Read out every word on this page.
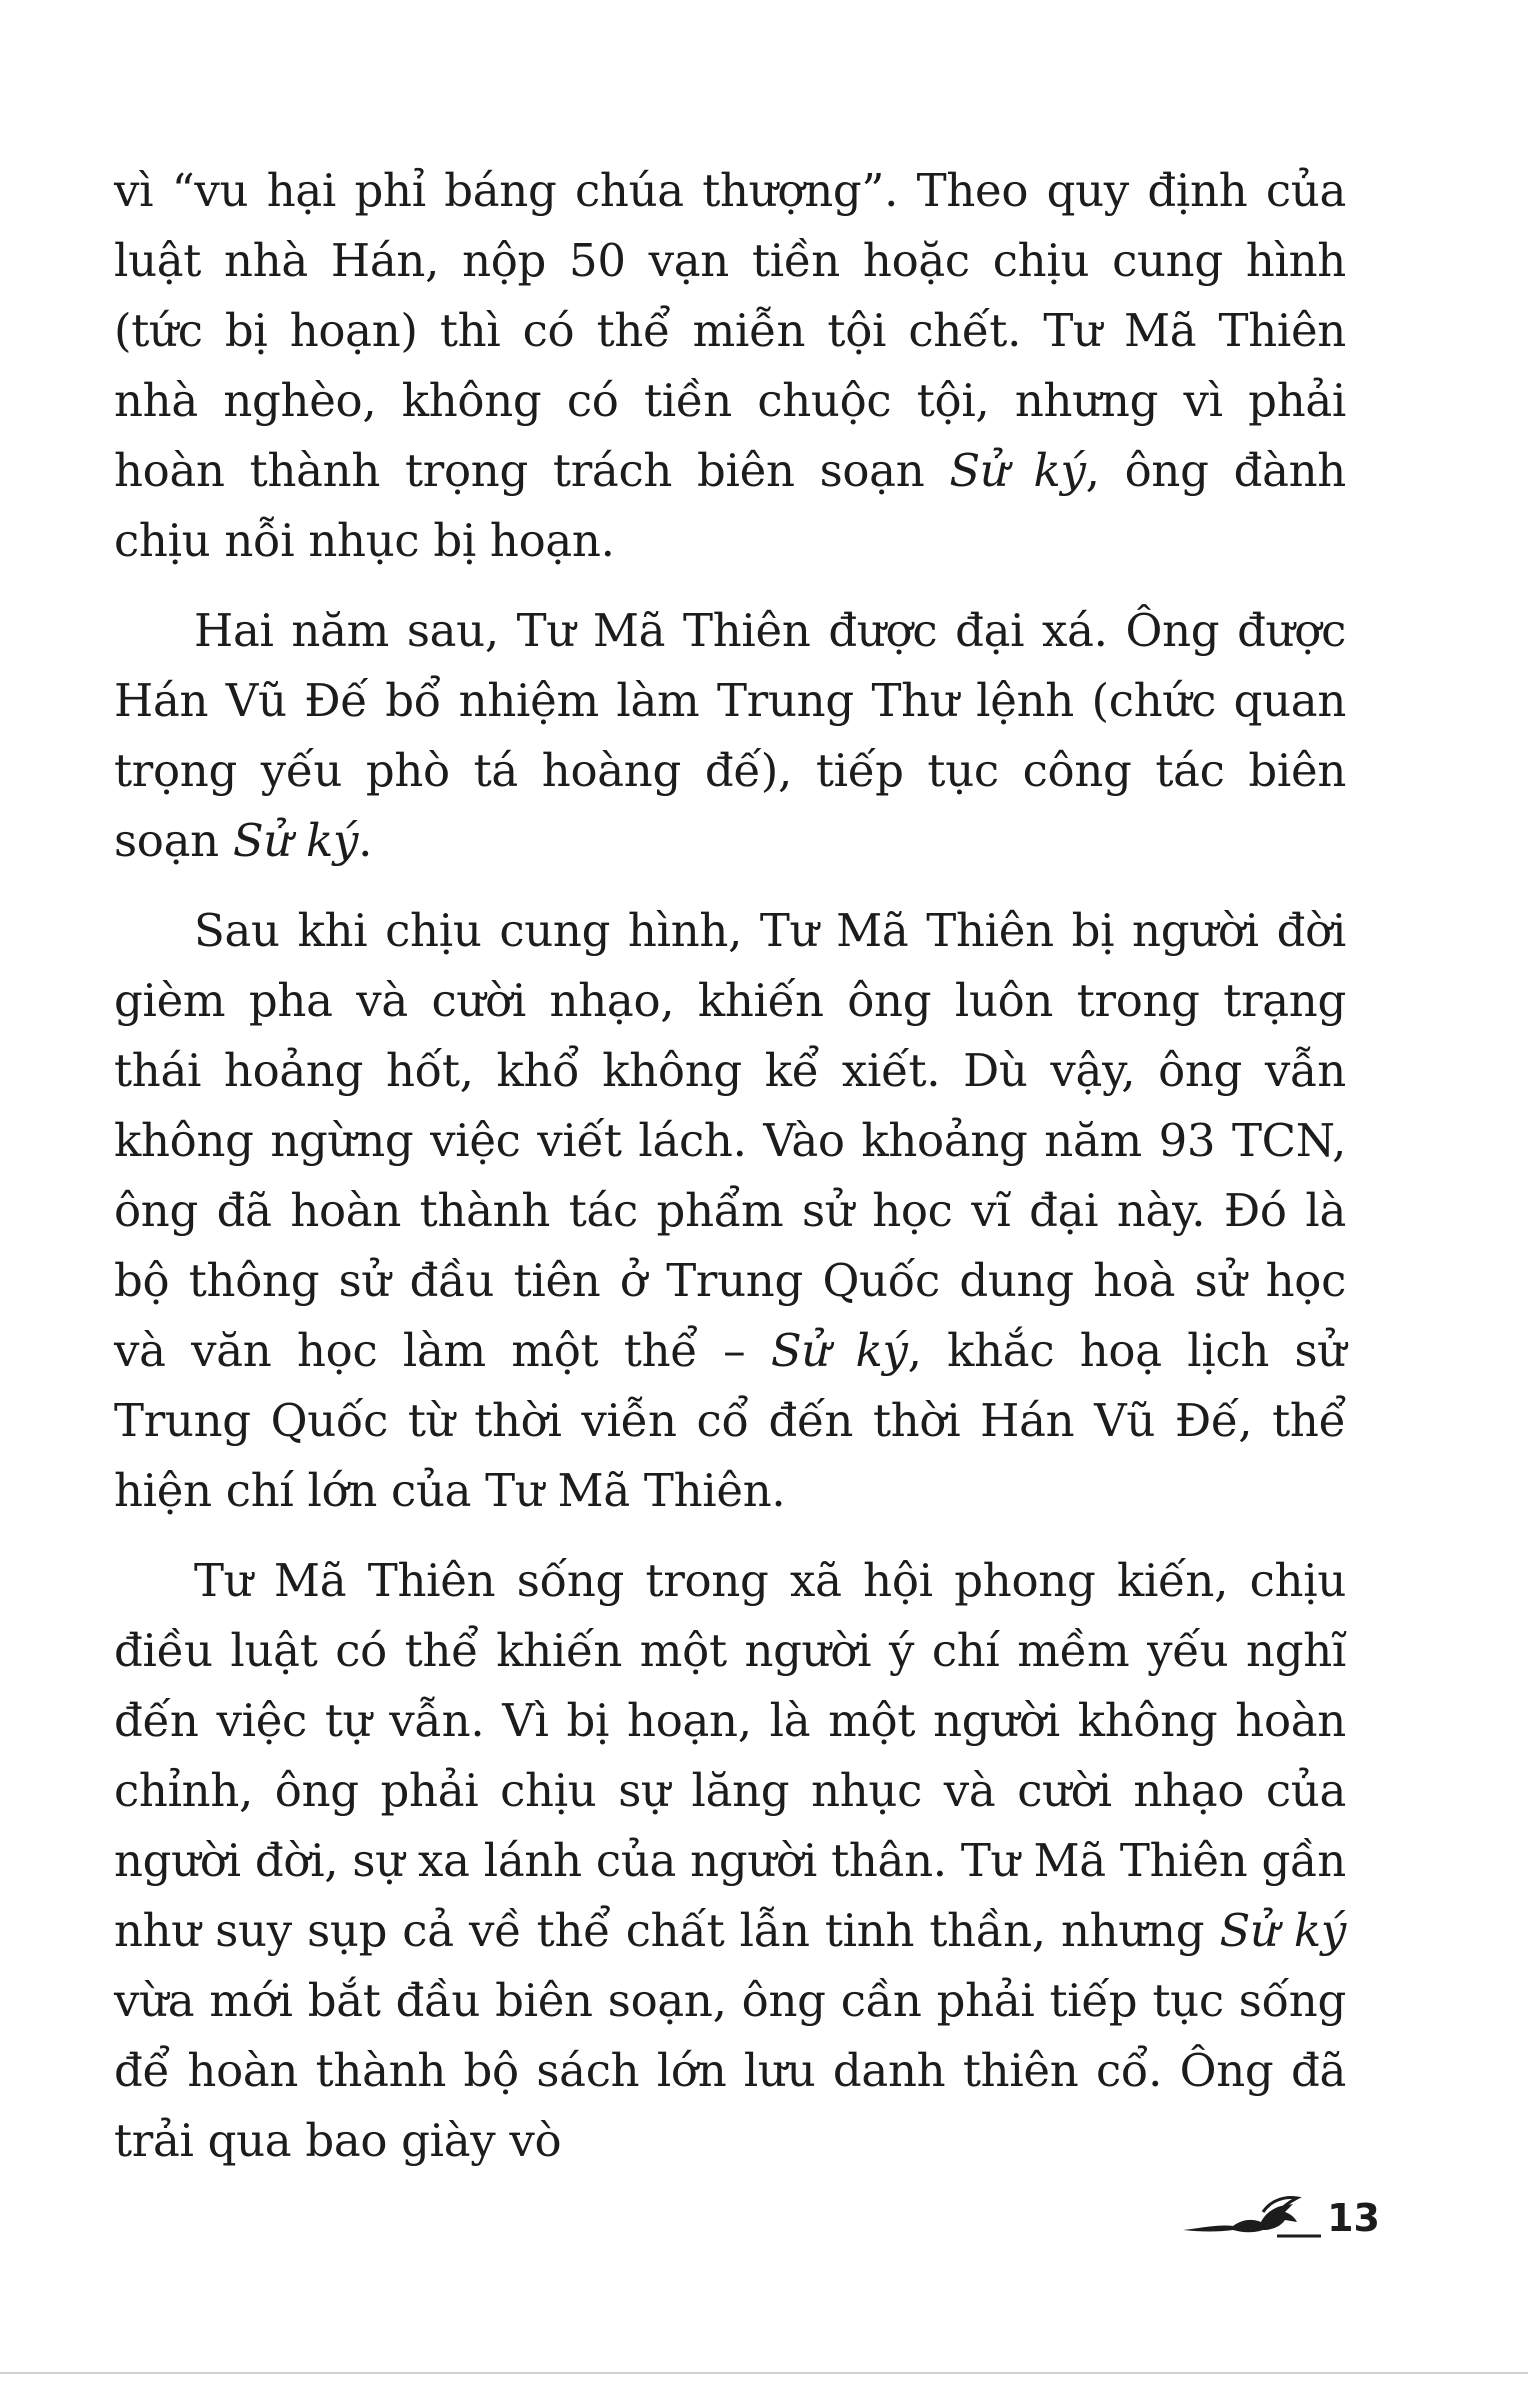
vì “vu hại phỉ báng chúa thượng”. Theo quy định của luật nhà Hán, nộp 50 vạn tiền hoặc chịu cung hình (tức bị hoạn) thì có thể miễn tội chết. Tư Mã Thiên nhà nghèo, không có tiền chuộc tội, nhưng vì phải hoàn thành trọng trách biên soạn Sử ký, ông đành chịu nỗi nhục bị hoạn.

Hai năm sau, Tư Mã Thiên được đại xá. Ông được Hán Vũ Đế bổ nhiệm làm Trung Thư lệnh (chức quan trọng yếu phò tá hoàng đế), tiếp tục công tác biên soạn Sử ký.

Sau khi chịu cung hình, Tư Mã Thiên bị người đời gièm pha và cười nhạo, khiến ông luôn trong trạng thái hoảng hốt, khổ không kể xiết. Dù vậy, ông vẫn không ngừng việc viết lách. Vào khoảng năm 93 TCN, ông đã hoàn thành tác phẩm sử học vĩ đại này. Đó là bộ thông sử đầu tiên ở Trung Quốc dung hoà sử học và văn học làm một thể – Sử ký, khắc hoạ lịch sử Trung Quốc từ thời viễn cổ đến thời Hán Vũ Đế, thể hiện chí lớn của Tư Mã Thiên.

Tư Mã Thiên sống trong xã hội phong kiến, chịu điều luật có thể khiến một người ý chí mềm yếu nghĩ đến việc tự vẫn. Vì bị hoạn, là một người không hoàn chỉnh, ông phải chịu sự lăng nhục và cười nhạo của người đời, sự xa lánh của người thân. Tư Mã Thiên gần như suy sụp cả về thể chất lẫn tinh thần, nhưng Sử ký vừa mới bắt đầu biên soạn, ông cần phải tiếp tục sống để hoàn thành bộ sách lớn lưu danh thiên cổ. Ông đã trải qua bao giày vò

13
